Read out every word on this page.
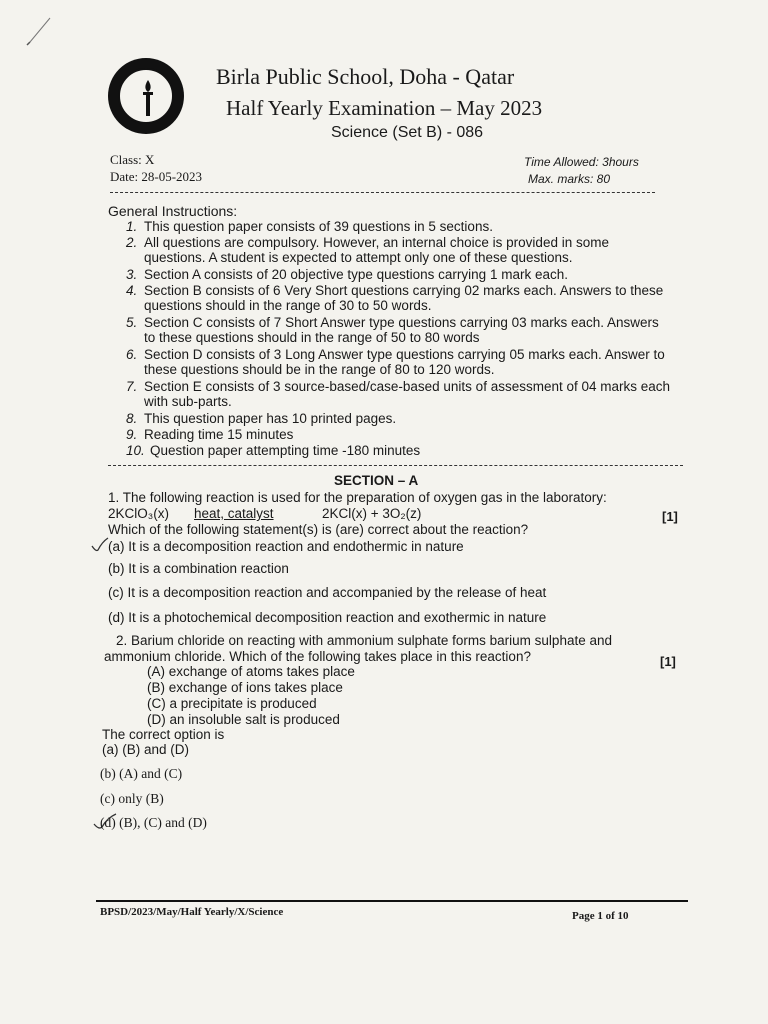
Birla Public School, Doha - Qatar
Half Yearly Examination – May 2023
Science (Set B) - 086
Class: X
Date: 28-05-2023
Time Allowed: 3hours
Max. marks: 80
General Instructions:
1. This question paper consists of 39 questions in 5 sections.
2. All questions are compulsory. However, an internal choice is provided in some
questions. A student is expected to attempt only one of these questions.
3. Section A consists of 20 objective type questions carrying 1 mark each.
4. Section B consists of 6 Very Short questions carrying 02 marks each. Answers to these
questions should in the range of 30 to 50 words.
5. Section C consists of 7 Short Answer type questions carrying 03 marks each. Answers
to these questions should in the range of 50 to 80 words
6. Section D consists of 3 Long Answer type questions carrying 05 marks each. Answer to
these questions should be in the range of 80 to 120 words.
7. Section E consists of 3 source-based/case-based units of assessment of 04 marks each
with sub-parts.
8. This question paper has 10 printed pages.
9. Reading time 15 minutes
10. Question paper attempting time -180 minutes
SECTION – A
1. The following reaction is used for the preparation of oxygen gas in the laboratory:
2KClO₃(x) heat, catalyst	2KCl(x) + 3O₂(z)	[1]
Which of the following statement(s) is (are) correct about the reaction?
(a) It is a decomposition reaction and endothermic in nature
(b) It is a combination reaction
(c) It is a decomposition reaction and accompanied by the release of heat
(d) It is a photochemical decomposition reaction and exothermic in nature
2. Barium chloride on reacting with ammonium sulphate forms barium sulphate and
ammonium chloride. Which of the following takes place in this reaction?	[1]
(A) exchange of atoms takes place
(B) exchange of ions takes place
(C) a precipitate is produced
(D) an insoluble salt is produced
The correct option is
(a) (B) and (D)
(b) (A) and (C)
(c) only (B)
(d) (B), (C) and (D)
BPSD/2023/May/Half Yearly/X/Science	Page 1 of 10
